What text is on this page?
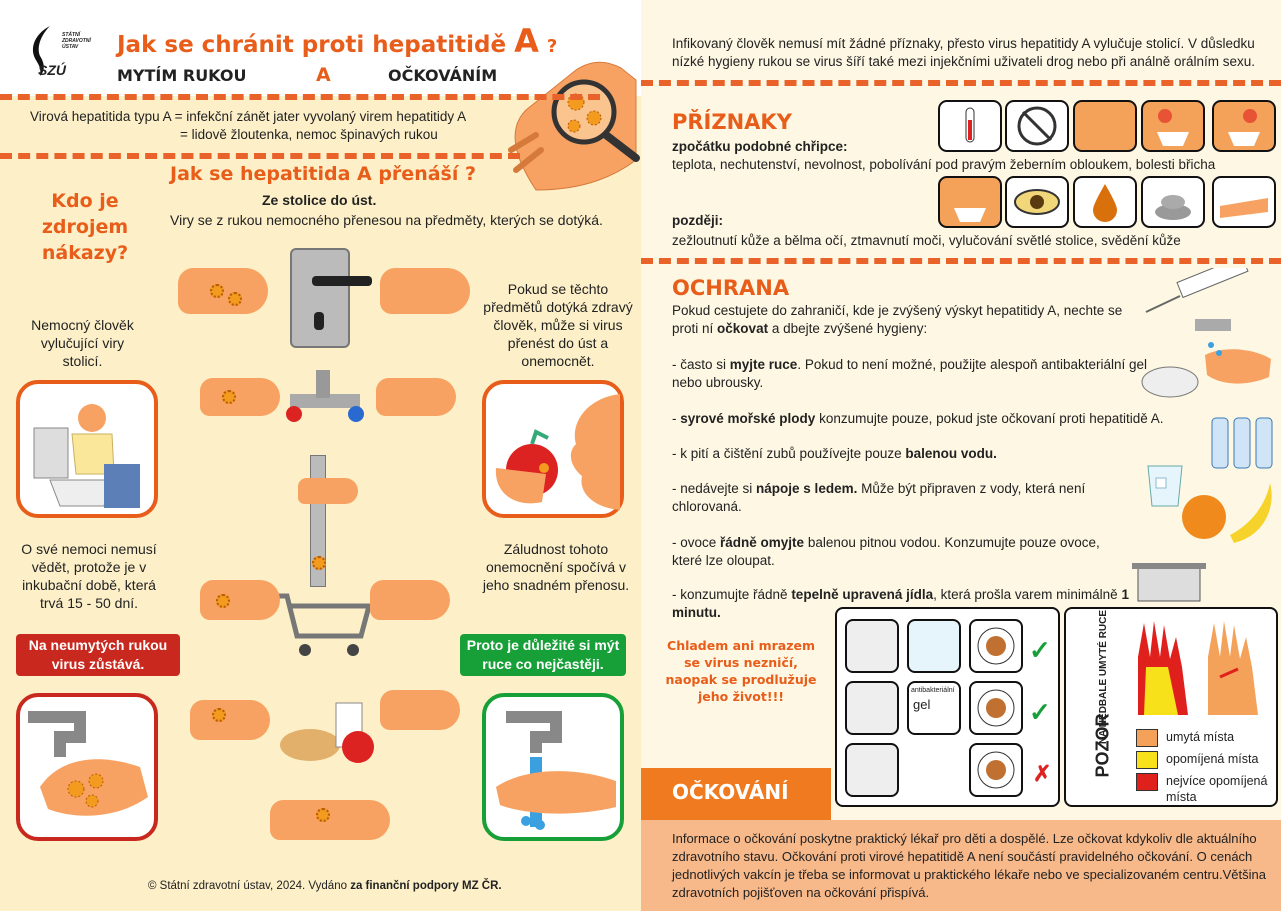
STÁTNÍ
ZDRAVOTNÍ
ÚSTAV
SZÚ
Jak se chránit proti hepatitidě A ?
MYTÍM RUKOU	A	OČKOVÁNÍM
Virová hepatitida typu A = infekční zánět jater vyvolaný virem hepatitidy A
= lidově žloutenka, nemoc špinavých rukou
Jak se hepatitida A přenáší ?
Ze stolice do úst.
Viry se z rukou nemocného přenesou na předměty, kterých se dotýká.
Kdo je zdrojem nákazy?
Nemocný člověk vylučující viry stolicí.
O své nemoci nemusí vědět, protože je v inkubační době, která trvá 15 - 50 dní.
Na neumytých rukou virus zůstává.
Pokud se těchto předmětů dotýká zdravý člověk, může si virus přenést do úst a onemocnět.
Záludnost tohoto onemocnění spočívá v jeho snadném přenosu.
Proto je důležité si mýt ruce co nejčastěji.
© Státní zdravotní ústav, 2024. Vydáno za finanční podpory MZ ČR.
Infikovaný člověk nemusí mít žádné příznaky, přesto virus hepatitidy A vylučuje stolicí. V důsledku nízké hygieny rukou se virus šíří také mezi injekčními uživateli drog nebo při análně orálním sexu.
PŘÍZNAKY
zpočátku podobné chřipce:
teplota, nechutenství, nevolnost, pobolívání pod pravým žeberním obloukem, bolesti břicha
později:
zežloutnutí kůže a bělma očí, ztmavnutí moči, vylučování světlé stolice, svědění kůže
OCHRANA
Pokud cestujete do zahraničí, kde je zvýšený výskyt hepatitidy A, nechte se proti ní očkovat a dbejte zvýšené hygieny:
- často si myjte ruce. Pokud to není možné, použijte alespoň antibakteriální gel nebo ubrousky.
- syrové mořské plody konzumujte pouze, pokud jste očkovaní proti hepatitidě A.
- k pití a čištění zubů používejte pouze balenou vodu.
- nedávejte si nápoje s ledem. Může být připraven z vody, která není chlorovaná.
- ovoce řádně omyjte balenou pitnou vodou. Konzumujte pouze ovoce, které lze oloupat.
- konzumujte řádně tepelně upravená jídla, která prošla varem minimálně 1 minutu.
Chladem ani mrazem se virus nezničí, naopak se prodlužuje jeho život!!!
✓
antibakteriální
gel	✓
✗ POZOR
NA NEDBALE UMYTÉ RUCE	umytá místa
opomíjená místa
nejvíce opomíjená místa
OČKOVÁNÍ
Informace o očkování poskytne praktický lékař pro děti a dospělé. Lze očkovat kdykoliv dle aktuálního zdravotního stavu. Očkování proti virové hepatitidě A není součástí pravidelného očkování. O cenách jednotlivých vakcín je třeba se informovat u praktického lékaře nebo ve specializovaném centru.Většina zdravotních pojišťoven na očkování přispívá.
